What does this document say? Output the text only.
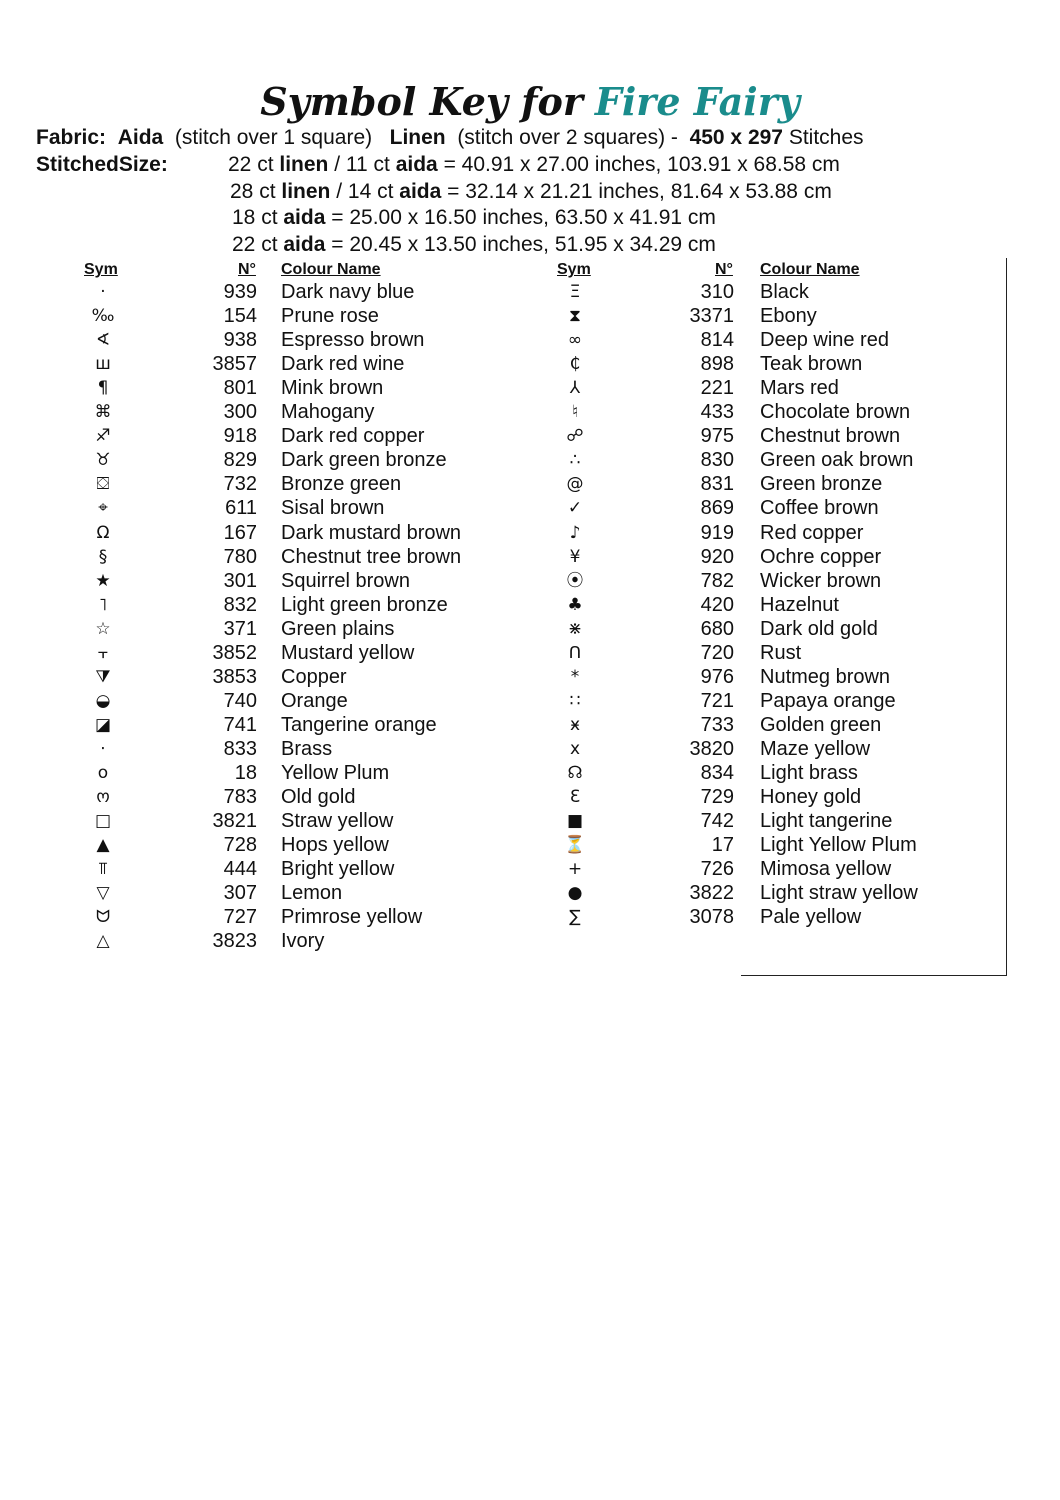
Symbol Key for Fire Fairy
Fabric: Aida (stitch over 1 square) Linen (stitch over 2 squares) - 450 x 297 Stitches
StitchedSize:	22 ct linen / 11 ct aida = 40.91 x 27.00 inches, 103.91 x 68.58 cm
28 ct linen / 14 ct aida = 32.14 x 21.21 inches, 81.64 x 53.88 cm
18 ct aida = 25.00 x 16.50 inches, 63.50 x 41.91 cm
22 ct aida = 20.45 x 13.50 inches, 51.95 x 34.29 cm
Sym	N° Colour Name	Sym	N° Colour Name
·	939 Dark navy blue
‰	154 Prune rose
∢	938 Espresso brown
ш	3857 Dark red wine
¶	801 Mink brown
⌘	300 Mahogany
♐	918 Dark red copper
♉	829 Dark green bronze
⛋	732 Bronze green
⌖	611 Sisal brown
Ω	167 Dark mustard brown
§	780 Chestnut tree brown
★	301 Squirrel brown
˥	832 Light green bronze
☆	371 Green plains
⫟	3852 Mustard yellow
⧩	3853 Copper
◒	740 Orange
◪	741 Tangerine orange
⋅	833 Brass
o	18 Yellow Plum
ო	783 Old gold
□	3821 Straw yellow
▲	728 Hops yellow
⫪	444 Bright yellow
▽	307 Lemon
ᗢ	727 Primrose yellow
△	3823 Ivory
Ξ	310 Black
⧗	3371 Ebony
∞	814 Deep wine red
₵	898 Teak brown
⅄	221 Mars red
♮	433 Chocolate brown
☍	975 Chestnut brown
∴	830 Green oak brown
@	831 Green bronze
✓	869 Coffee brown
♪	919 Red copper
¥	920 Ochre copper
⦿	782 Wicker brown
♣	420 Hazelnut
⋇	680 Dark old gold
ᑎ	720 Rust
*	976 Nutmeg brown
∷	721 Papaya orange
ӿ	733 Golden green
x	3820 Maze yellow
☊	834 Light brass
Ɛ	729 Honey gold
■	742 Light tangerine
⏳	17 Light Yellow Plum
+	726 Mimosa yellow
●	3822 Light straw yellow
∑	3078 Pale yellow
